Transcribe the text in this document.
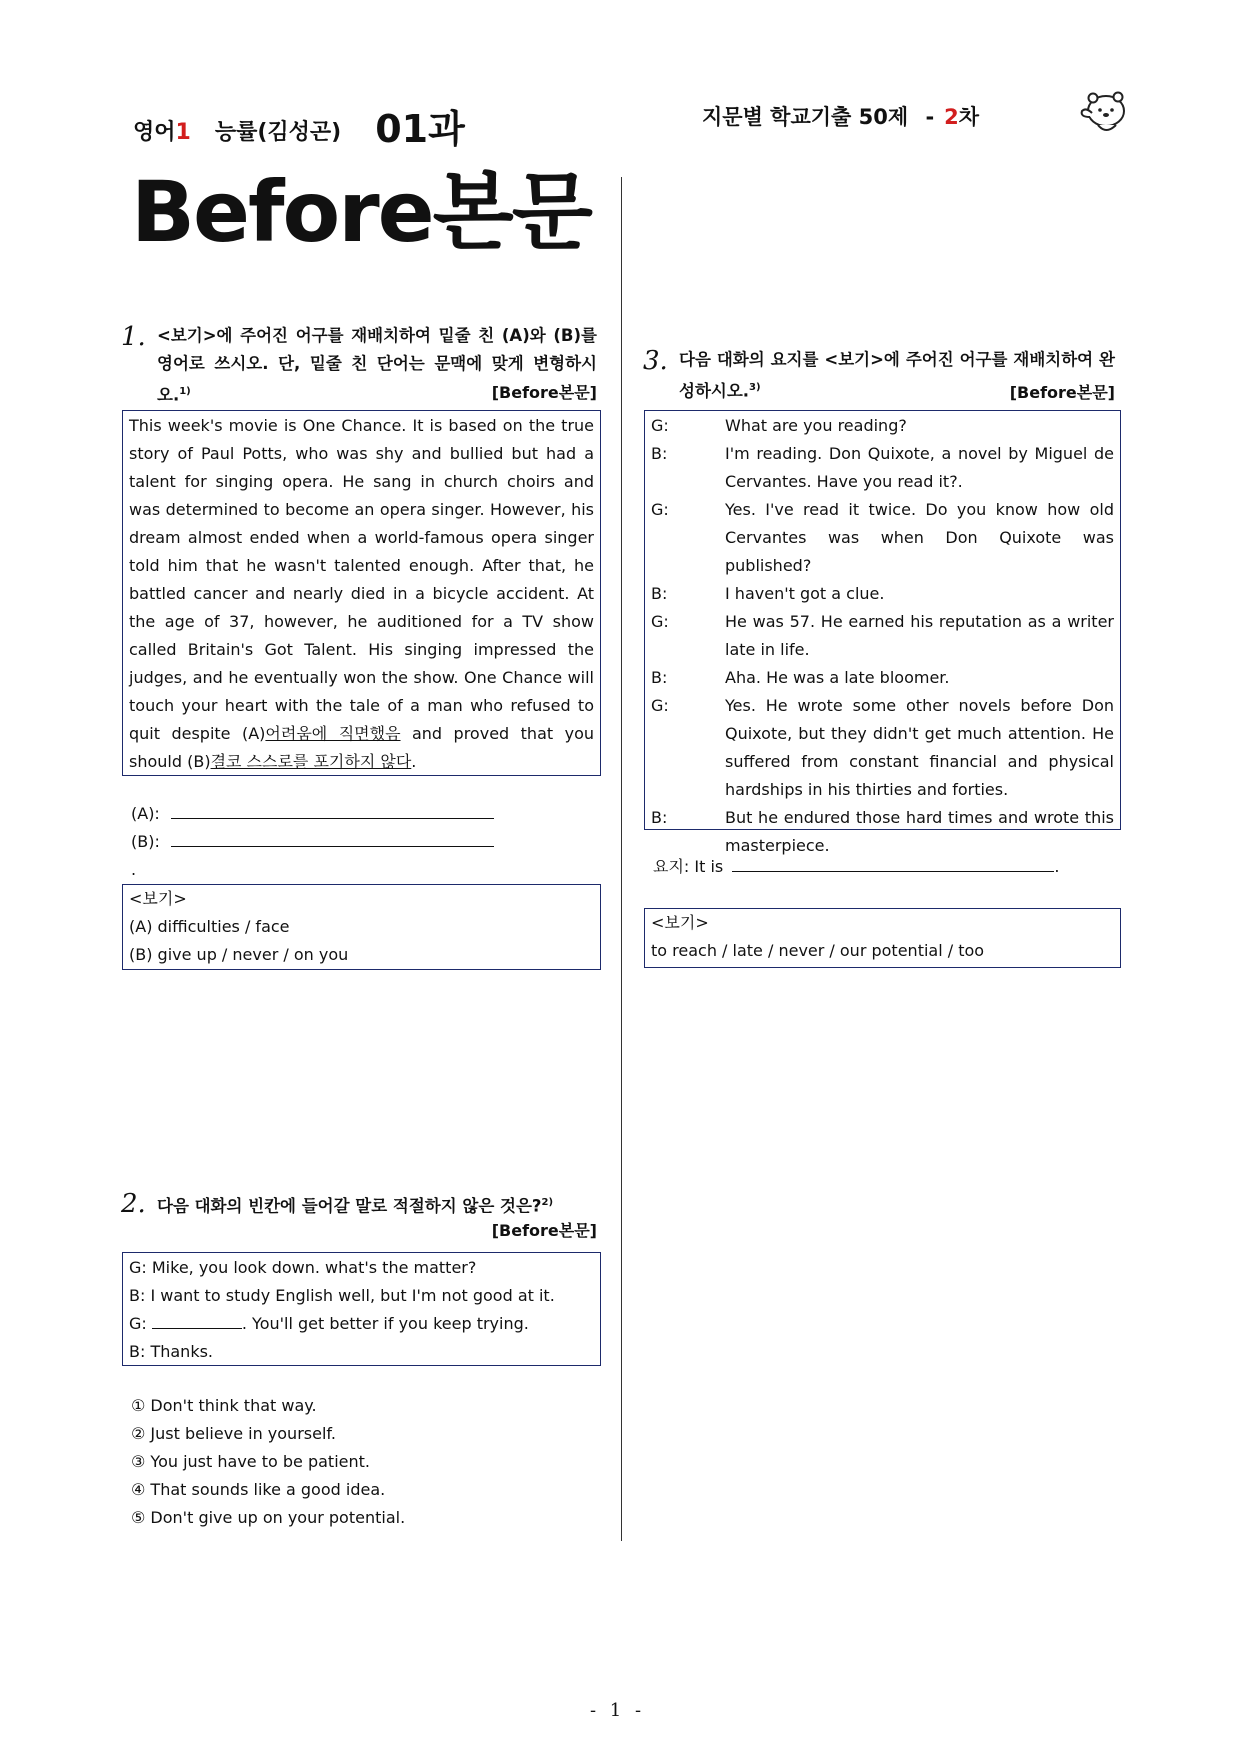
영어1 능률(김성곤) 01과	지문별 학교기출 50제 - 2차
Before본문
1. <보기>에 주어진 어구를 재배치하여 밑줄 친 (A)와 (B)를 영어로 쓰시오. 단, 밑줄 친 단어는 문맥에 맞게 변형하시오.$^{1)}$	[Before본문]
This week's movie is One Chance. It is based on the true story of Paul Potts, who was shy and bullied but had a talent for singing opera. He sang in church choirs and was determined to become an opera singer. However, his dream almost ended when a world-famous opera singer told him that he wasn't talented enough. After that, he battled cancer and nearly died in a bicycle accident. At the age of 37, however, he auditioned for a TV show called Britain's Got Talent. His singing impressed the judges, and he eventually won the show. One Chance will touch your heart with the tale of a man who refused to quit despite (A)어려움에 직면했음 and proved that you should (B)결코 스스로를 포기하지 않다.
(A):
(B):
.
<보기>
(A) difficulties / face
(B) give up / never / on you
2. 다음 대화의 빈칸에 들어갈 말로 적절하지 않은 것은?$^{2)}$
[Before본문]
G: Mike, you look down. what's the matter?
B: I want to study English well, but I'm not good at it.
G:	. You'll get better if you keep trying.
B: Thanks.
① Don't think that way.
② Just believe in yourself.
③ You just have to be patient.
④ That sounds like a good idea.
⑤ Don't give up on your potential.
3. 다음 대화의 요지를 <보기>에 주어진 어구를 재배치하여 완성하시오.$^{3)}$	[Before본문]
G:	What are you reading?
B:	I'm reading. Don Quixote, a novel by Miguel de Cervantes. Have you read it?.
G:	Yes. I've read it twice. Do you know how old Cervantes was when Don Quixote was published?
B:	I haven't got a clue.
G:	He was 57. He earned his reputation as a writer late in life.
B:	Aha. He was a late bloomer.
G:	Yes. He wrote some other novels before Don Quixote, but they didn't get much attention. He suffered from constant financial and physical hardships in his thirties and forties.
B:	But he endured those hard times and wrote this masterpiece.
요지: It is	.
<보기>
to reach / late / never / our potential / too
- 1 -
